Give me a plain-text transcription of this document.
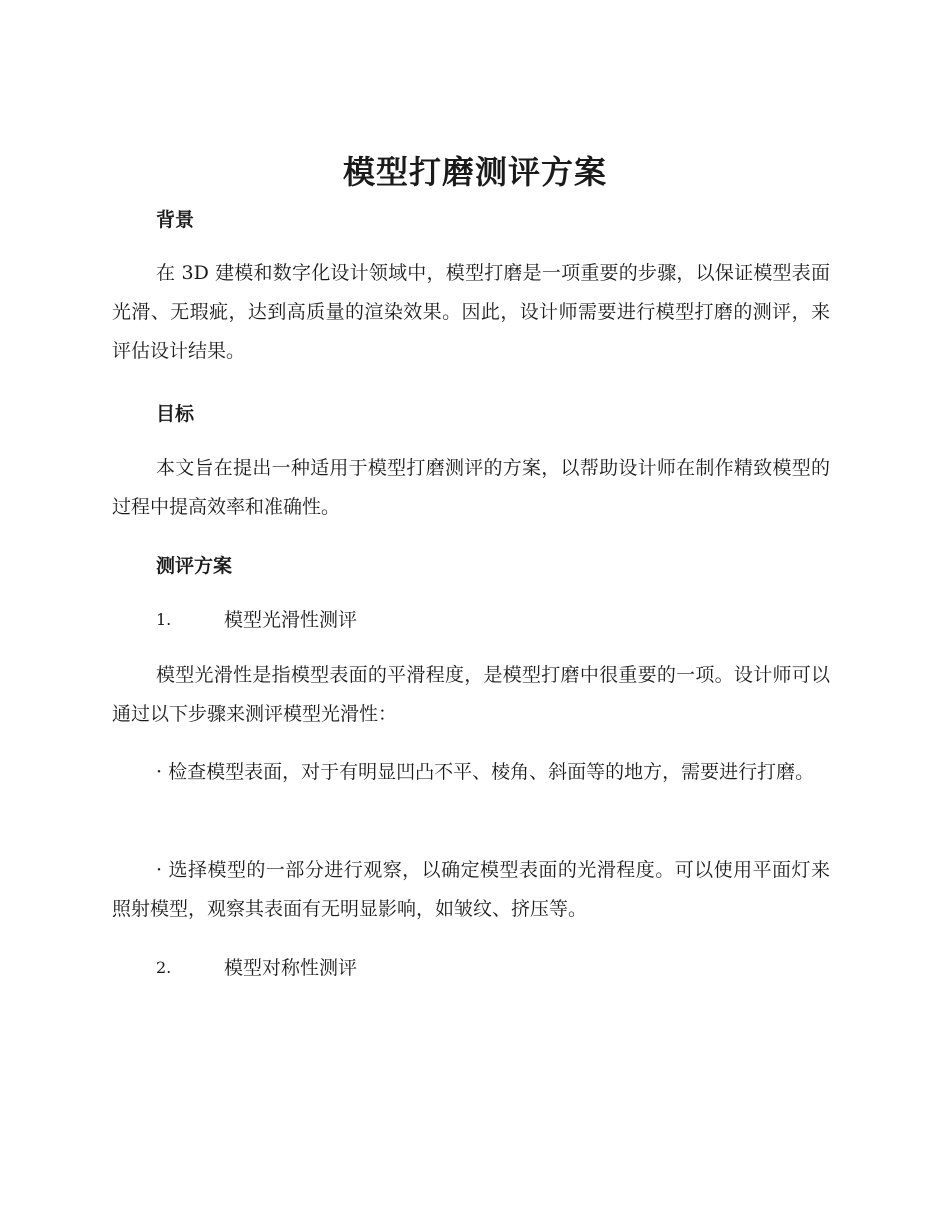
模型打磨测评方案
背景

在 3D 建模和数字化设计领域中，模型打磨是一项重要的步骤，以保证模型表面光滑、无瑕疵，达到高质量的渲染效果。因此，设计师需要进行模型打磨的测评，来评估设计结果。

目标

本文旨在提出一种适用于模型打磨测评的方案，以帮助设计师在制作精致模型的过程中提高效率和准确性。

测评方案
1.	模型光滑性测评

模型光滑性是指模型表面的平滑程度，是模型打磨中很重要的一项。设计师可以通过以下步骤来测评模型光滑性：

· 检查模型表面，对于有明显凹凸不平、棱角、斜面等的地方，需要进行打磨。

· 选择模型的一部分进行观察，以确定模型表面的光滑程度。可以使用平面灯来照射模型，观察其表面有无明显影响，如皱纹、挤压等。

2.	模型对称性测评
